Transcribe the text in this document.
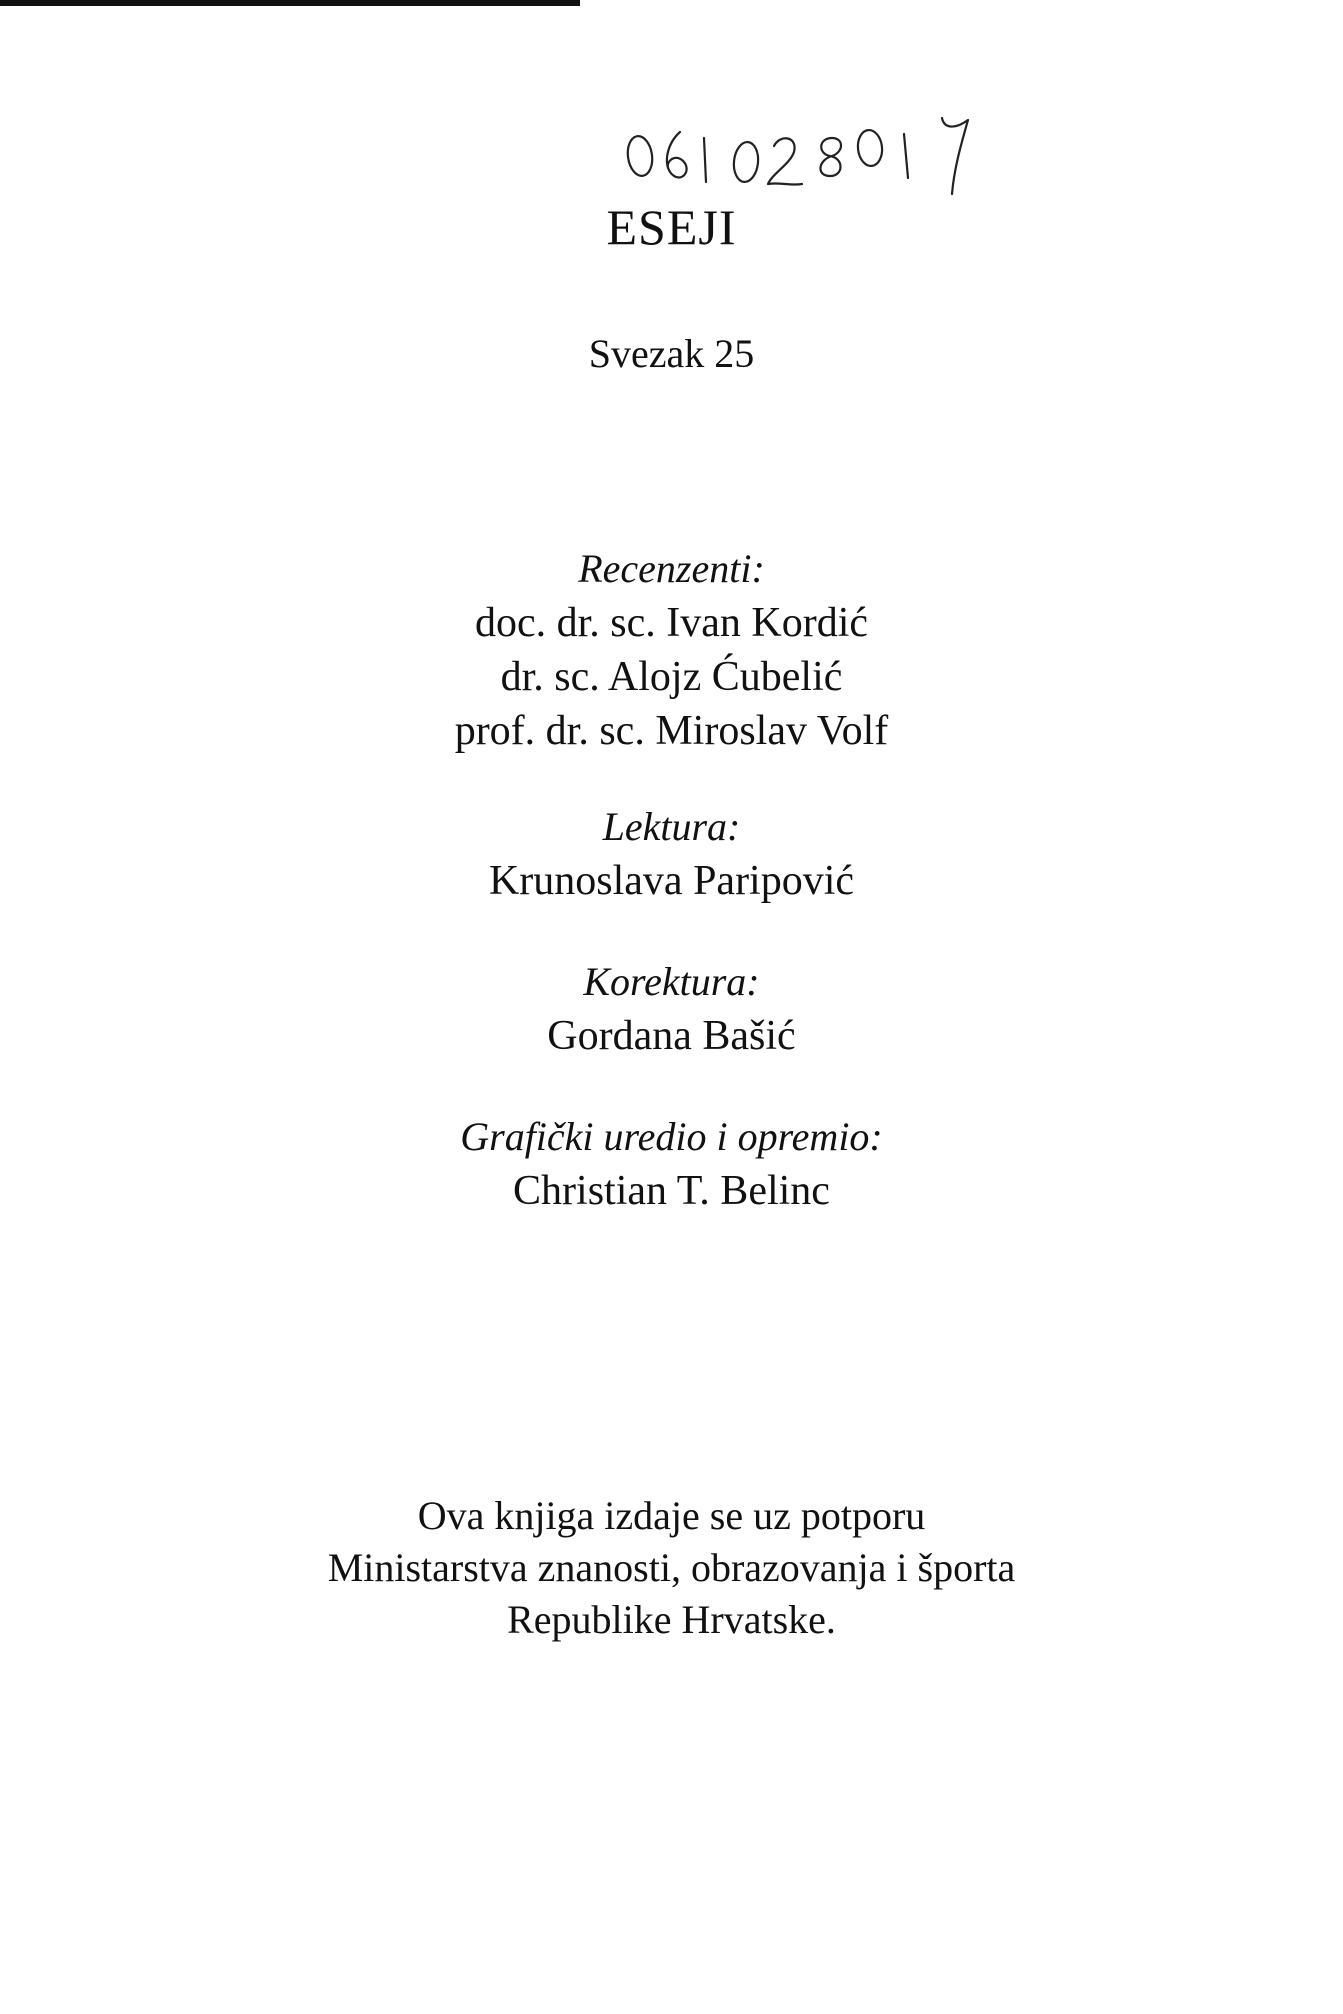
ESEJI
Svezak 25
Recenzenti:
doc. dr. sc. Ivan Kordić
dr. sc. Alojz Ćubelić
prof. dr. sc. Miroslav Volf
Lektura:
Krunoslava Paripović
Korektura:
Gordana Bašić
Grafički uredio i opremio:
Christian T. Belinc
Ova knjiga izdaje se uz potporu
Ministarstva znanosti, obrazovanja i športa
Republike Hrvatske.
